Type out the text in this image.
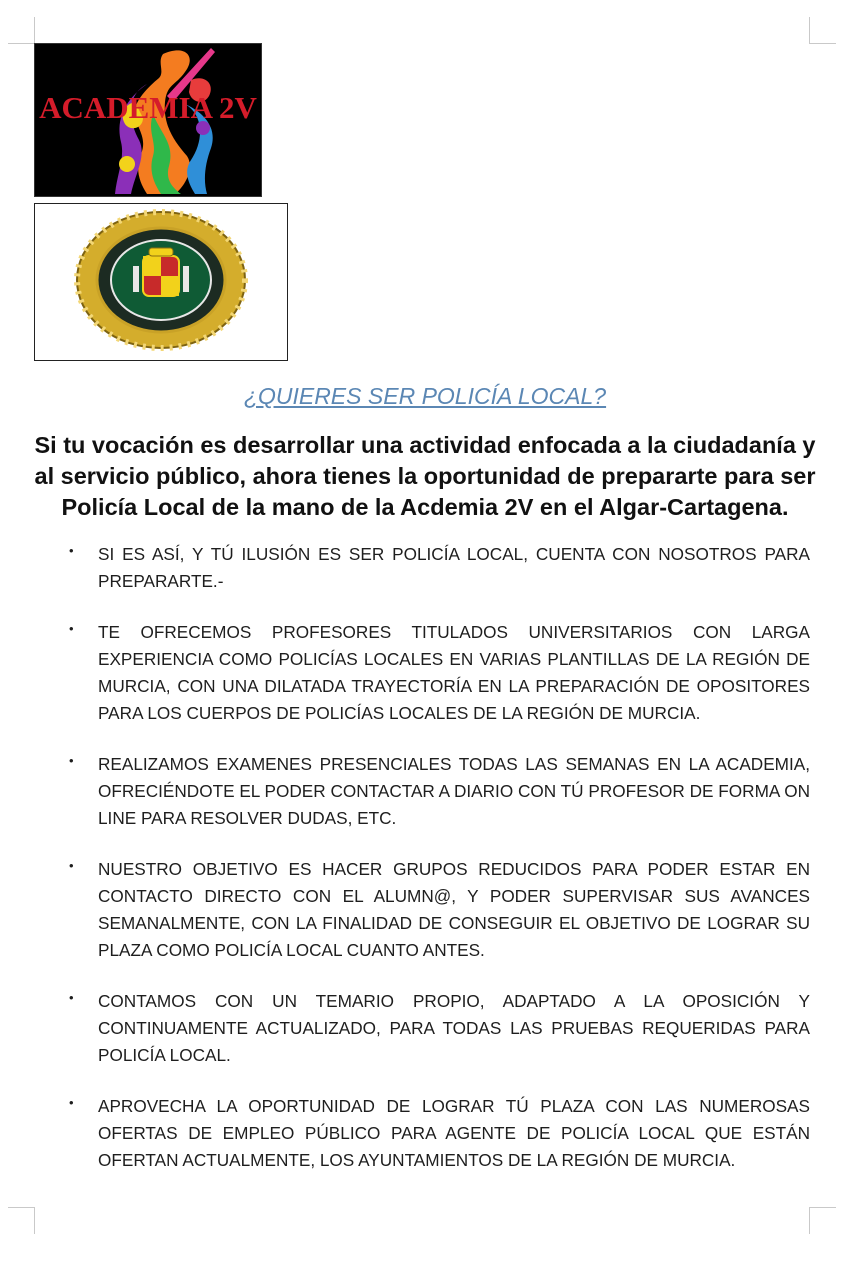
ACADEMIA 2V
¿QUIERES SER POLICÍA LOCAL?
Si tu vocación es desarrollar una actividad enfocada a la ciudadanía y al servicio público, ahora tienes la oportunidad de prepararte para ser Policía Local de la mano de la Acdemia 2V en el Algar-Cartagena.
• SI ES ASÍ, Y TÚ ILUSIÓN ES SER POLICÍA LOCAL, CUENTA CON NOSOTROS PARA PREPARARTE.-
• TE OFRECEMOS PROFESORES TITULADOS UNIVERSITARIOS CON LARGA EXPERIENCIA COMO POLICÍAS LOCALES EN VARIAS PLANTILLAS DE LA REGIÓN DE MURCIA, CON UNA DILATADA TRAYECTORÍA EN LA PREPARACIÓN DE OPOSITORES PARA LOS CUERPOS DE POLICÍAS LOCALES DE LA REGIÓN DE MURCIA.
• REALIZAMOS EXAMENES PRESENCIALES TODAS LAS SEMANAS EN LA ACADEMIA, OFRECIÉNDOTE EL PODER CONTACTAR A DIARIO CON TÚ PROFESOR DE FORMA ON LINE PARA RESOLVER DUDAS, ETC.
• NUESTRO OBJETIVO ES HACER GRUPOS REDUCIDOS PARA PODER ESTAR EN CONTACTO DIRECTO CON EL ALUMN@, Y PODER SUPERVISAR SUS AVANCES SEMANALMENTE, CON LA FINALIDAD DE CONSEGUIR EL OBJETIVO DE LOGRAR SU PLAZA COMO POLICÍA LOCAL CUANTO ANTES.
• CONTAMOS CON UN TEMARIO PROPIO, ADAPTADO A LA OPOSICIÓN Y CONTINUAMENTE ACTUALIZADO, PARA TODAS LAS PRUEBAS REQUERIDAS PARA POLICÍA LOCAL.
• APROVECHA LA OPORTUNIDAD DE LOGRAR TÚ PLAZA CON LAS NUMEROSAS OFERTAS DE EMPLEO PÚBLICO PARA AGENTE DE POLICÍA LOCAL QUE ESTÁN OFERTAN ACTUALMENTE, LOS AYUNTAMIENTOS DE LA REGIÓN DE MURCIA.
